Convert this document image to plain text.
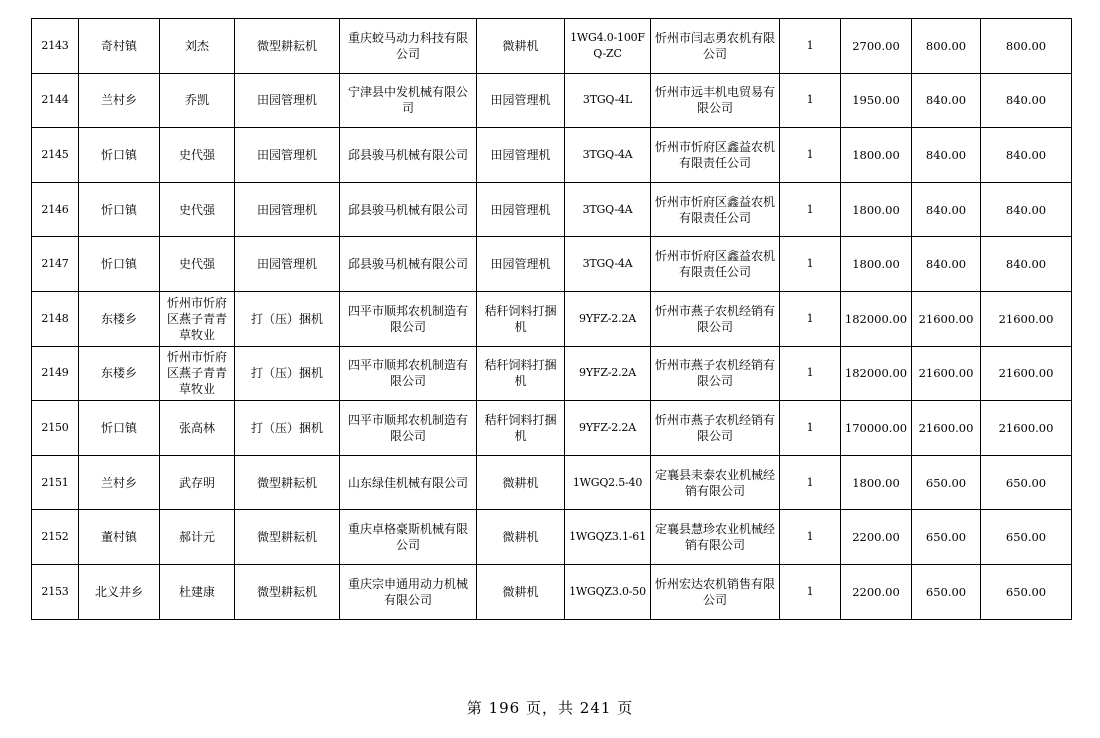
2143	奇村镇	刘杰	微型耕耘机	重庆蛟马动力科技有限公司	微耕机	1WG4.0-100FQ-ZC	忻州市闫志勇农机有限公司	1	2700.00	800.00	800.00
2144	兰村乡	乔凯	田园管理机	宁津县中发机械有限公司	田园管理机	3TGQ-4L	忻州市远丰机电贸易有限公司	1	1950.00	840.00	840.00
2145	忻口镇	史代强	田园管理机	邱县骏马机械有限公司	田园管理机	3TGQ-4A	忻州市忻府区鑫益农机有限责任公司	1	1800.00	840.00	840.00
2146	忻口镇	史代强	田园管理机	邱县骏马机械有限公司	田园管理机	3TGQ-4A	忻州市忻府区鑫益农机有限责任公司	1	1800.00	840.00	840.00
2147	忻口镇	史代强	田园管理机	邱县骏马机械有限公司	田园管理机	3TGQ-4A	忻州市忻府区鑫益农机有限责任公司	1	1800.00	840.00	840.00
2148	东楼乡	忻州市忻府区燕子青青草牧业	打（压）捆机	四平市顺邦农机制造有限公司	秸秆饲料打捆机	9YFZ-2.2A	忻州市燕子农机经销有限公司	1	182000.00	21600.00	21600.00
2149	东楼乡	忻州市忻府区燕子青青草牧业	打（压）捆机	四平市顺邦农机制造有限公司	秸秆饲料打捆机	9YFZ-2.2A	忻州市燕子农机经销有限公司	1	182000.00	21600.00	21600.00
2150	忻口镇	张高林	打（压）捆机	四平市顺邦农机制造有限公司	秸秆饲料打捆机	9YFZ-2.2A	忻州市燕子农机经销有限公司	1	170000.00	21600.00	21600.00
2151	兰村乡	武存明	微型耕耘机	山东绿佳机械有限公司	微耕机	1WGQ2.5-40	定襄县耒泰农业机械经销有限公司	1	1800.00	650.00	650.00
2152	董村镇	郝计元	微型耕耘机	重庆卓格豪斯机械有限公司	微耕机	1WGQZ3.1-61	定襄县慧珍农业机械经销有限公司	1	2200.00	650.00	650.00
2153	北义井乡	杜建康	微型耕耘机	重庆宗申通用动力机械有限公司	微耕机	1WGQZ3.0-50	忻州宏达农机销售有限公司	1	2200.00	650.00	650.00
第 196 页，共 241 页
